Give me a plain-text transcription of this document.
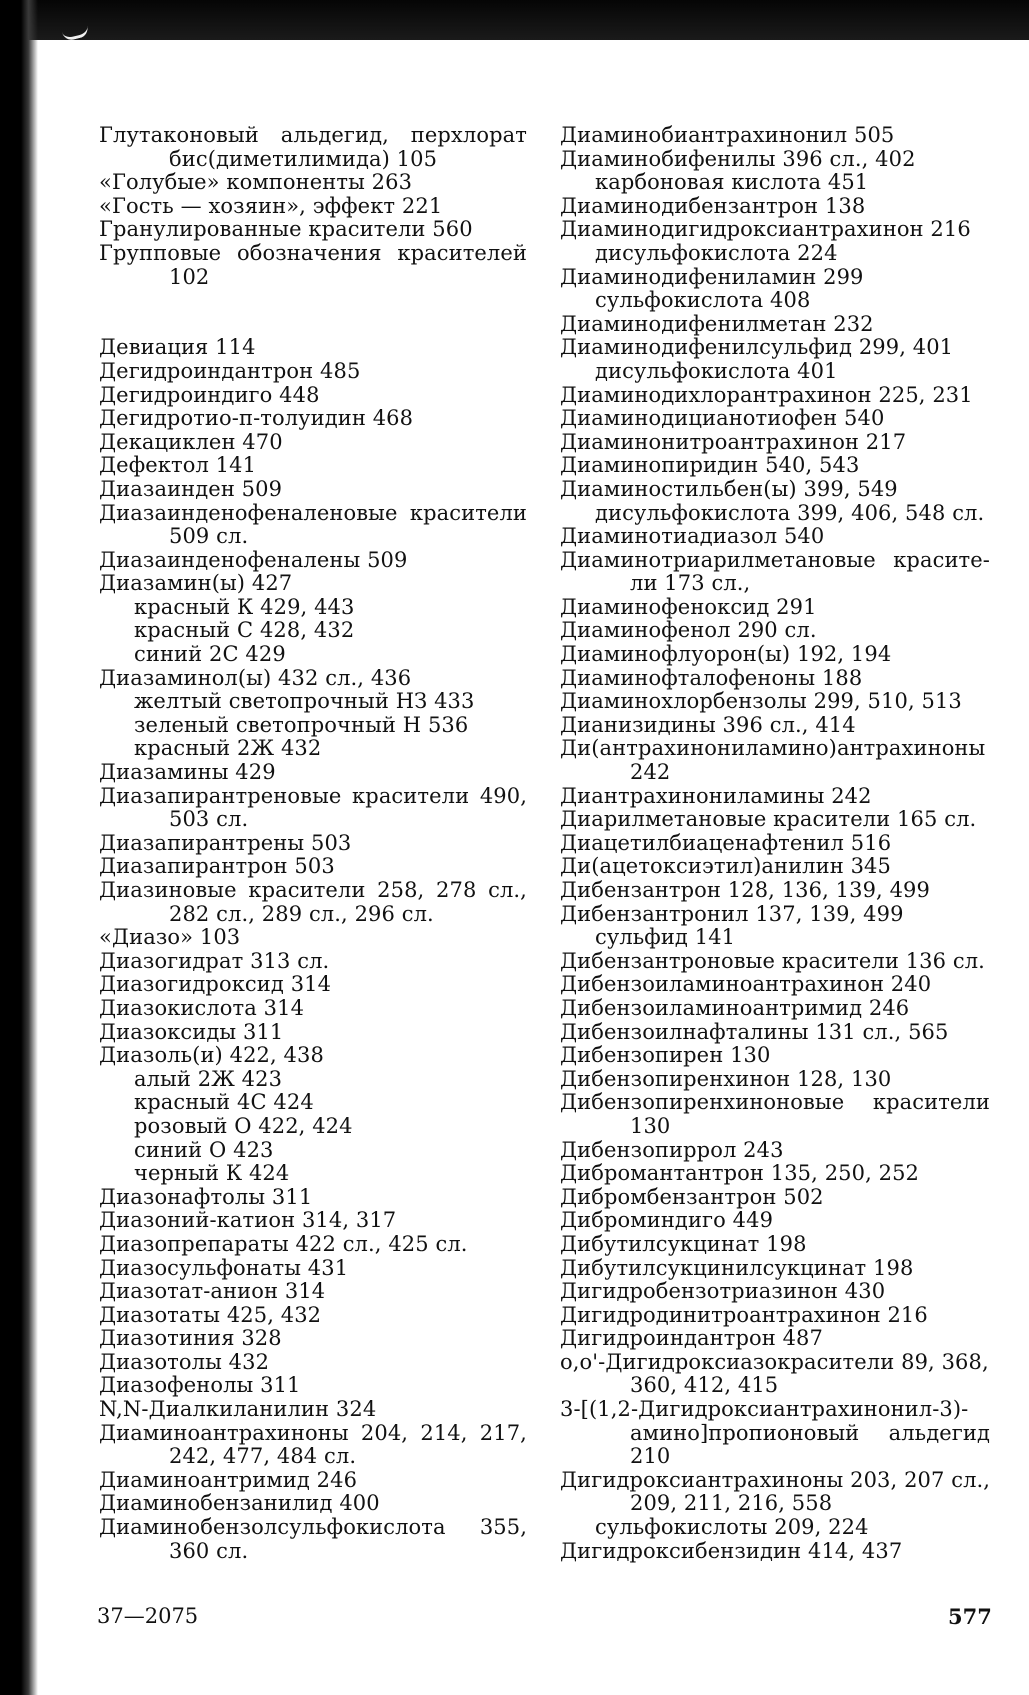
Глутаконовый альдегид, перхлорат
бис(диметилимида) 105
«Голубые» компоненты 263
«Гость — хозяин», эффект 221
Гранулированные красители 560
Групповые обозначения красителей
102
Девиация 114
Дегидроиндантрон 485
Дегидроиндиго 448
Дегидротио-п-толуидин 468
Декациклен 470
Дефектол 141
Диазаинден 509
Диазаинденофеналеновые красители
509 сл.
Диазаинденофеналены 509
Диазамин(ы) 427
красный К 429, 443
красный С 428, 432
синий 2С 429
Диазаминол(ы) 432 сл., 436
желтый светопрочный НЗ 433
зеленый светопрочный Н 536
красный 2Ж 432
Диазамины 429
Диазапирантреновые красители 490,
503 сл.
Диазапирантрены 503
Диазапирантрон 503
Диазиновые красители 258, 278 сл.,
282 сл., 289 сл., 296 сл.
«Диазо» 103
Диазогидрат 313 сл.
Диазогидроксид 314
Диазокислота 314
Диазоксиды 311
Диазоль(и) 422, 438
алый 2Ж 423
красный 4С 424
розовый О 422, 424
синий О 423
черный К 424
Диазонафтолы 311
Диазоний-катион 314, 317
Диазопрепараты 422 сл., 425 сл.
Диазосульфонаты 431
Диазотат-анион 314
Диазотаты 425, 432
Диазотиния 328
Диазотолы 432
Диазофенолы 311
N,N-Диалкиланилин 324
Диаминоантрахиноны 204, 214, 217,
242, 477, 484 сл.
Диаминоантримид 246
Диаминобензанилид 400
Диаминобензолсульфокислота 355,
360 сл.
Диаминобиантрахинонил 505
Диаминобифенилы 396 сл., 402
карбоновая кислота 451
Диаминодибензантрон 138
Диаминодигидроксиантрахинон 216
дисульфокислота 224
Диаминодифениламин 299
сульфокислота 408
Диаминодифенилметан 232
Диаминодифенилсульфид 299, 401
дисульфокислота 401
Диаминодихлорантрахинон 225, 231
Диаминодицианотиофен 540
Диаминонитроантрахинон 217
Диаминопиридин 540, 543
Диаминостильбен(ы) 399, 549
дисульфокислота 399, 406, 548 сл.
Диаминотиадиазол 540
Диаминотриарилметановые красите-
ли 173 сл.,
Диаминофеноксид 291
Диаминофенол 290 сл.
Диаминофлуорон(ы) 192, 194
Диаминофталофеноны 188
Диаминохлорбензолы 299, 510, 513
Дианизидины 396 сл., 414
Ди(антрахинониламино)антрахиноны
242
Диантрахинониламины 242
Диарилметановые красители 165 сл.
Диацетилбиаценафтенил 516
Ди(ацетоксиэтил)анилин 345
Дибензантрон 128, 136, 139, 499
Дибензантронил 137, 139, 499
сульфид 141
Дибензантроновые красители 136 сл.
Дибензоиламиноантрахинон 240
Дибензоиламиноантримид 246
Дибензоилнафталины 131 сл., 565
Дибензопирен 130
Дибензопиренхинон 128, 130
Дибензопиренхиноновые красители
130
Дибензопиррол 243
Дибромантантрон 135, 250, 252
Дибромбензантрон 502
Диброминдиго 449
Дибутилсукцинат 198
Дибутилсукцинилсукцинат 198
Дигидробензотриазинон 430
Дигидродинитроантрахинон 216
Дигидроиндантрон 487
о,о'-Дигидроксиазокрасители 89, 368,
360, 412, 415
3-[(1,2-Дигидроксиантрахинонил-3)-
амино]пропионовый альдегид
210
Дигидроксиантрахиноны 203, 207 сл.,
209, 211, 216, 558
сульфокислоты 209, 224
Дигидроксибензидин 414, 437
37—2075	577
